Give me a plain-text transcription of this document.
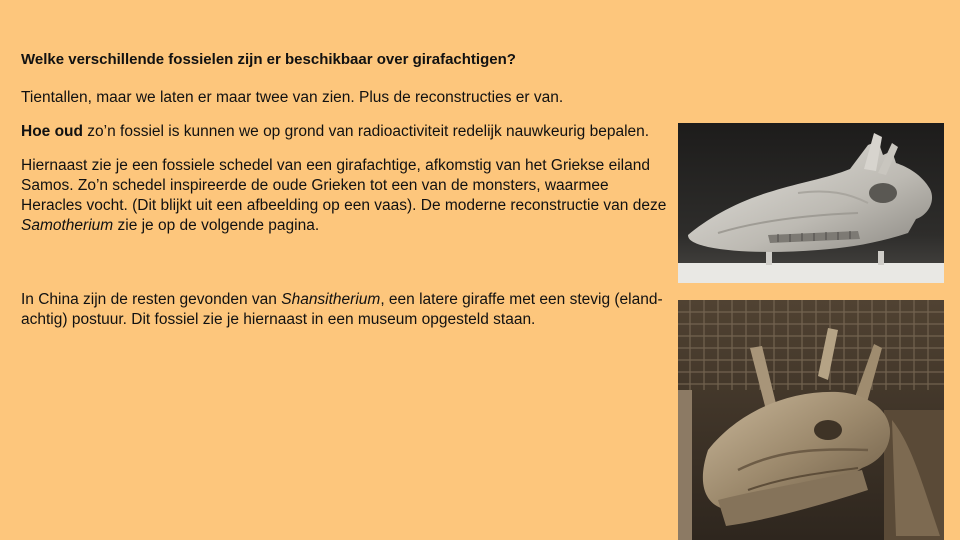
Welke verschillende fossielen zijn er beschikbaar over girafachtigen?

Tientallen, maar we laten er maar twee van zien. Plus de reconstructies er van.

Hoe oud zo’n fossiel is kunnen we op grond van radioactiviteit redelijk nauwkeurig bepalen.

Hiernaast zie je een fossiele schedel van een girafachtige, afkomstig van het Griekse eiland Samos. Zo’n schedel inspireerde de oude Grieken tot een van de monsters, waarmee Heracles vocht. (Dit blijkt uit een afbeelding op een vaas). De moderne reconstructie van deze Samotherium zie je op de volgende pagina.

In China zijn de resten gevonden van Shansitherium, een latere giraffe met een stevig (eland-achtig) postuur. Dit fossiel zie je hiernaast in een museum opgesteld staan.
